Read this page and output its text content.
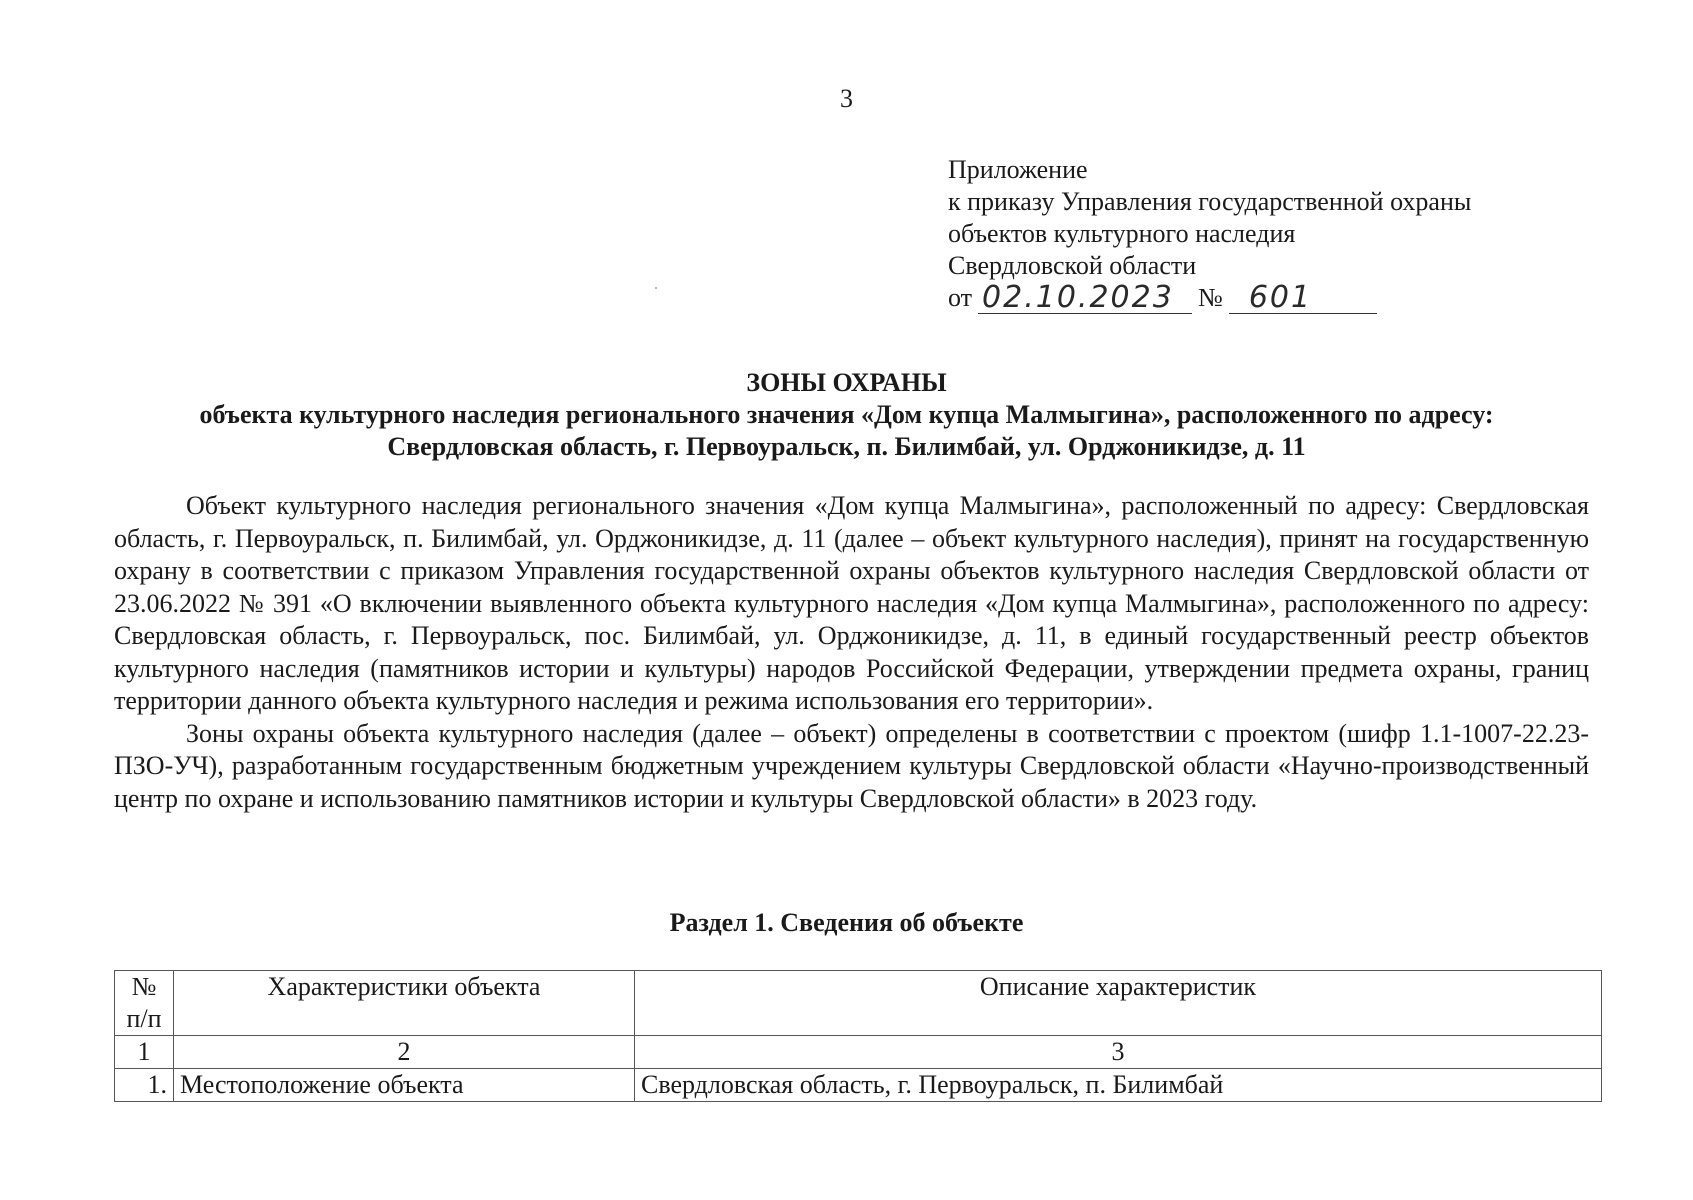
3
Приложение
к приказу Управления государственной охраны
объектов культурного наследия
Свердловской области
от 02.10.2023 № 601
ЗОНЫ ОХРАНЫ
объекта культурного наследия регионального значения «Дом купца Малмыгина», расположенного по адресу:
Свердловская область, г. Первоуральск, п. Билимбай, ул. Орджоникидзе, д. 11

Объект культурного наследия регионального значения «Дом купца Малмыгина», расположенный по адресу: Свердловская область, г. Первоуральск, п. Билимбай, ул. Орджоникидзе, д. 11 (далее – объект культурного наследия), принят на государственную охрану в соответствии с приказом Управления государственной охраны объектов культурного наследия Свердловской области от 23.06.2022 № 391 «О включении выявленного объекта культурного наследия «Дом купца Малмыгина», расположенного по адресу: Свердловская область, г. Первоуральск, пос. Билимбай, ул. Орджоникидзе, д. 11, в единый государственный реестр объектов культурного наследия (памятников истории и культуры) народов Российской Федерации, утверждении предмета охраны, границ территории данного объекта культурного наследия и режима использования его территории».

Зоны охраны объекта культурного наследия (далее – объект) определены в соответствии с проектом (шифр 1.1-1007-22.23-ПЗО-УЧ), разработанным государственным бюджетным учреждением культуры Свердловской области «Научно-производственный центр по охране и использованию памятников истории и культуры Свердловской области» в 2023 году.

Раздел 1. Сведения об объекте
№ п/п	Характеристики объекта	Описание характеристик
1	2	3
1.	Местоположение объекта	Свердловская область, г. Первоуральск, п. Билимбай
